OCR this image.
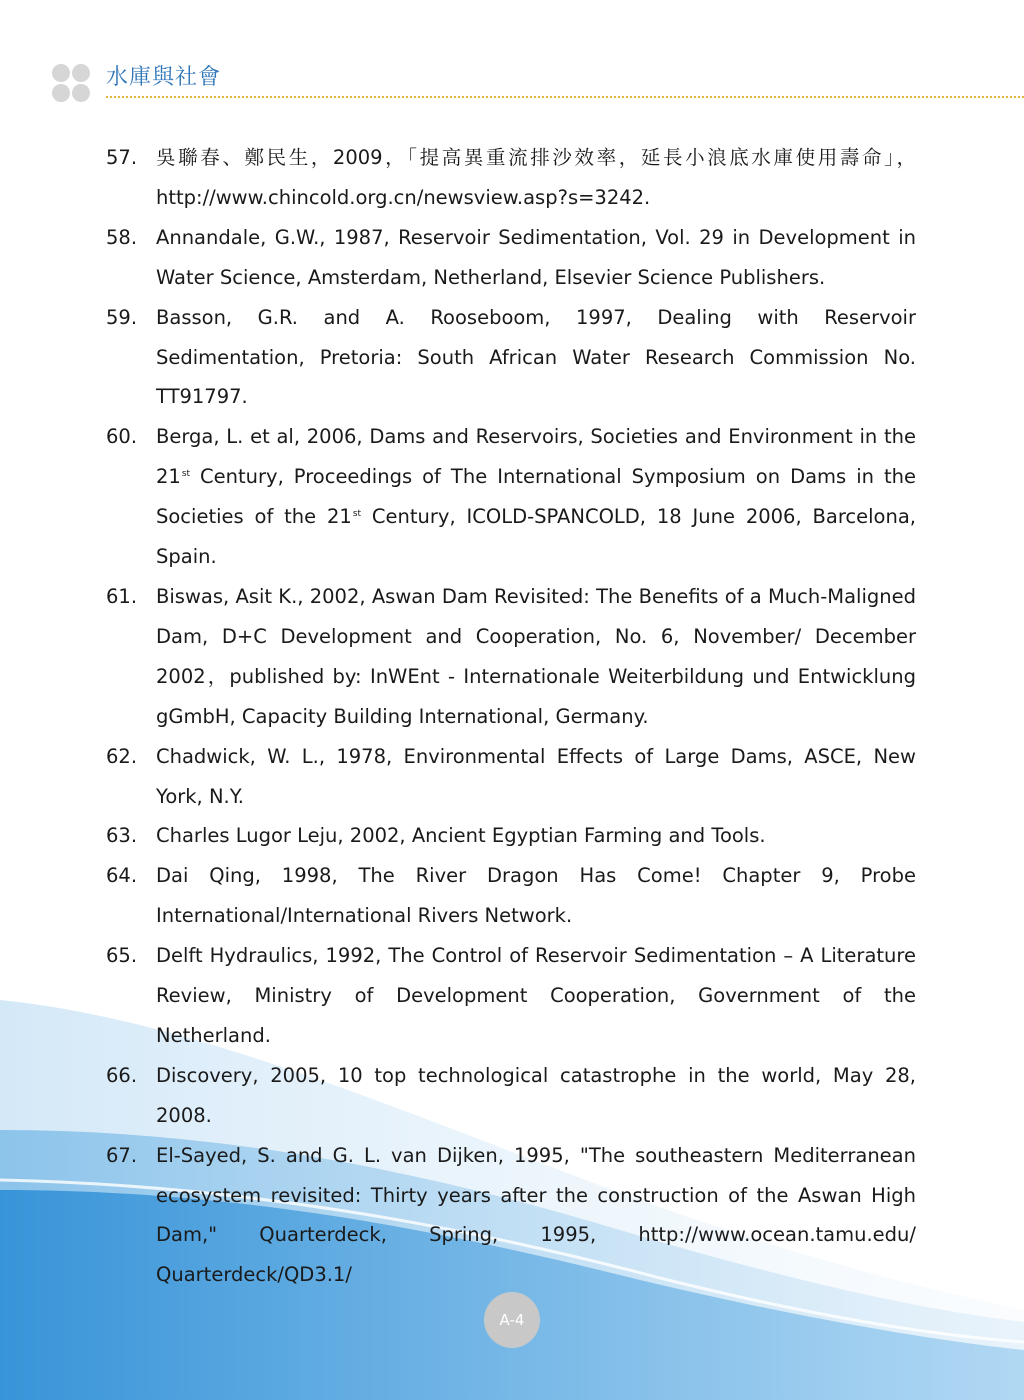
水庫與社會
57. 吳聯春、鄭民生，2009，「提高異重流排沙效率，延長小浪底水庫使用壽命」，http://www.chincold.org.cn/newsview.asp?s=3242.
58. Annandale, G.W., 1987, Reservoir Sedimentation, Vol. 29 in Development in Water Science, Amsterdam, Netherland, Elsevier Science Publishers.
59. Basson, G.R. and A. Rooseboom, 1997, Dealing with Reservoir Sedimentation, Pretoria: South African Water Research Commission No. TT91797.
60. Berga, L. et al, 2006, Dams and Reservoirs, Societies and Environment in the 21st Century, Proceedings of The International Symposium on Dams in the Societies of the 21st Century, ICOLD-SPANCOLD, 18 June 2006, Barcelona, Spain.
61. Biswas, Asit K., 2002, Aswan Dam Revisited: The Benefits of a Much-Maligned Dam, D+C Development and Cooperation, No. 6, November/ December 2002，published by: InWEnt - Internationale Weiterbildung und Entwicklung gGmbH, Capacity Building International, Germany.
62. Chadwick, W. L., 1978, Environmental Effects of Large Dams, ASCE, New York, N.Y.
63. Charles Lugor Leju, 2002, Ancient Egyptian Farming and Tools.
64. Dai Qing, 1998, The River Dragon Has Come! Chapter 9, Probe International/International Rivers Network.
65. Delft Hydraulics, 1992, The Control of Reservoir Sedimentation – A Literature Review, Ministry of Development Cooperation, Government of the Netherland.
66. Discovery, 2005, 10 top technological catastrophe in the world, May 28, 2008.
67. El-Sayed, S. and G. L. van Dijken, 1995, "The southeastern Mediterranean ecosystem revisited: Thirty years after the construction of the Aswan High Dam," Quarterdeck, Spring, 1995, http://www.ocean.tamu.edu/ Quarterdeck/QD3.1/
A-4
